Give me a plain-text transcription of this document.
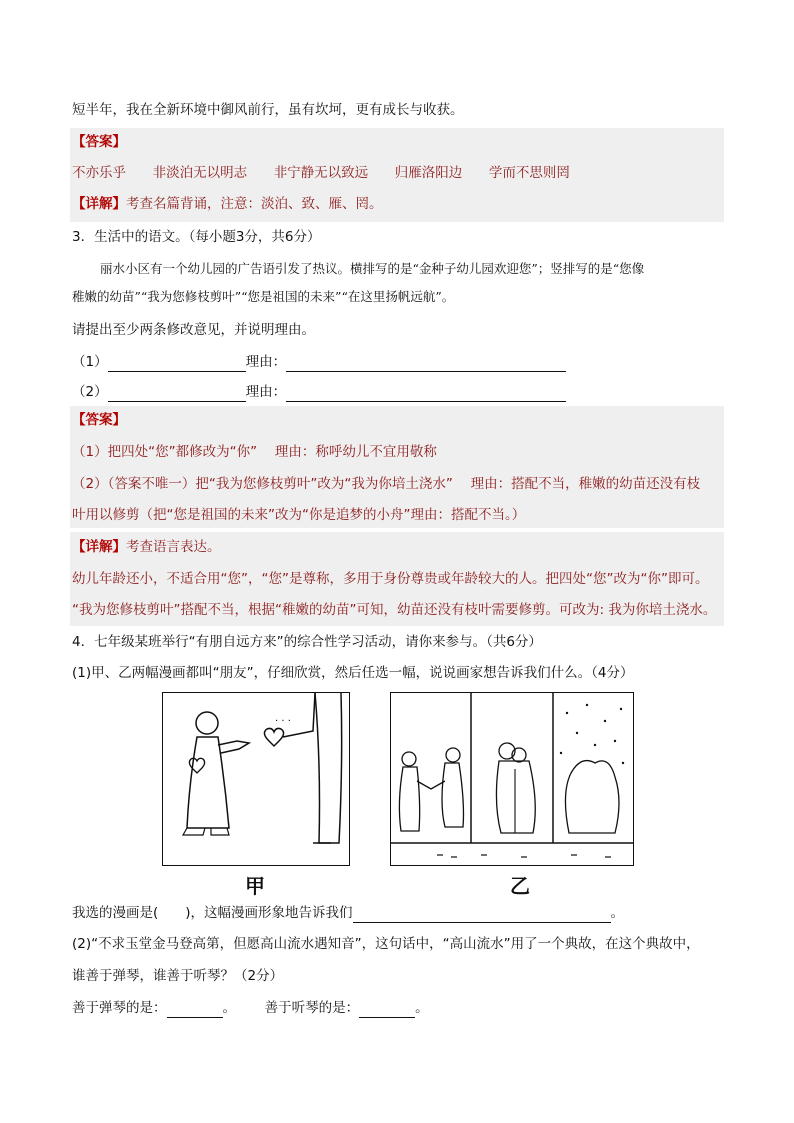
短半年，我在全新环境中御风前行，虽有坎坷，更有成长与收获。
【答案】
不亦乐乎 非淡泊无以明志 非宁静无以致远 归雁洛阳边 学而不思则罔
【详解】考查名篇背诵，注意：淡泊、致、雁、罔。
3．生活中的语文。（每小题3分，共6分）
丽水小区有一个幼儿园的广告语引发了热议。横排写的是“金种子幼儿园欢迎您”；竖排写的是“您像
稚嫩的幼苗”“我为您修枝剪叶”“您是祖国的未来”“在这里扬帆远航”。
请提出至少两条修改意见，并说明理由。
（1）	理由：
（2）	理由：
【答案】
（1）把四处“您”都修改为“你”　 理由：称呼幼儿不宜用敬称
（2）（答案不唯一）把“我为您修枝剪叶”改为“我为你培土浇水”　 理由：搭配不当，稚嫩的幼苗还没有枝
叶用以修剪（把“您是祖国的未来”改为“你是追梦的小舟”理由：搭配不当。）
【详解】考查语言表达。
幼儿年龄还小，不适合用“您”，“您”是尊称，多用于身份尊贵或年龄较大的人。把四处“您”改为“你”即可。
“我为您修枝剪叶”搭配不当，根据“稚嫩的幼苗”可知，幼苗还没有枝叶需要修剪。可改为: 我为你培土浇水。
4．七年级某班举行“有朋自远方来”的综合性学习活动，请你来参与。（共6分）
(1)甲、乙两幅漫画都叫“朋友”，仔细欣赏，然后任选一幅，说说画家想告诉我们什么。（4分）
. . .
甲	乙
我选的漫画是(　　)，这幅漫画形象地告诉我们	。
(2)“不求玉堂金马登高第，但愿高山流水遇知音”，这句话中，“高山流水”用了一个典故，在这个典故中，
谁善于弹琴，谁善于听琴？（2分）
善于弹琴的是：	。 善于听琴的是：	。
